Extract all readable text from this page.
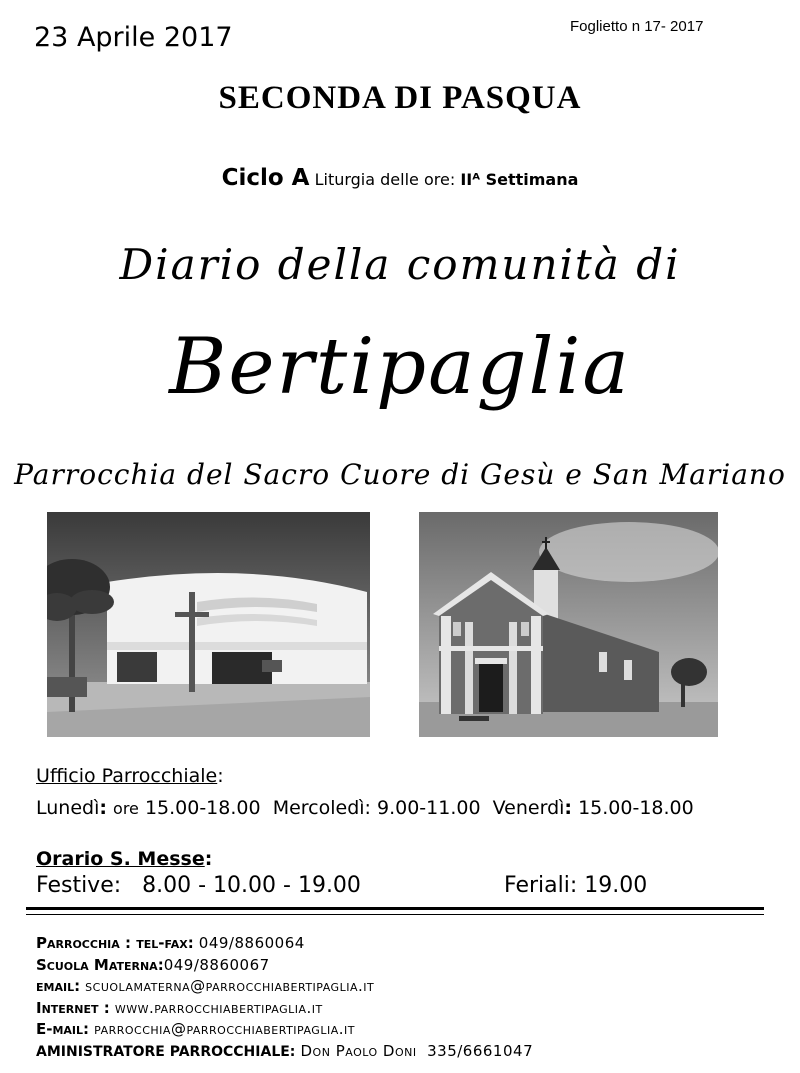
23 Aprile 2017	Foglietto n 17- 2017
SECONDA DI PASQUA
Ciclo A Liturgia delle ore: IIᴬ Settimana
Diario della comunità di
Bertipaglia
Parrocchia del Sacro Cuore di Gesù e San Mariano
Ufficio Parrocchiale:
Lunedì: ore 15.00-18.00 Mercoledì: 9.00-11.00 Venerdì: 15.00-18.00
Orario S. Messe:
Festive:   8.00 - 10.00 - 19.00	Feriali: 19.00
Parrocchia : tel-fax: 049/8860064
Scuola Materna:049/8860067
email: scuolamaterna@parrocchiabertipaglia.it
Internet : www.parrocchiabertipaglia.it
E-mail: parrocchia@parrocchiabertipaglia.it
AMINISTRATORE PARROCCHIALE: Don Paolo Doni  335/6661047
